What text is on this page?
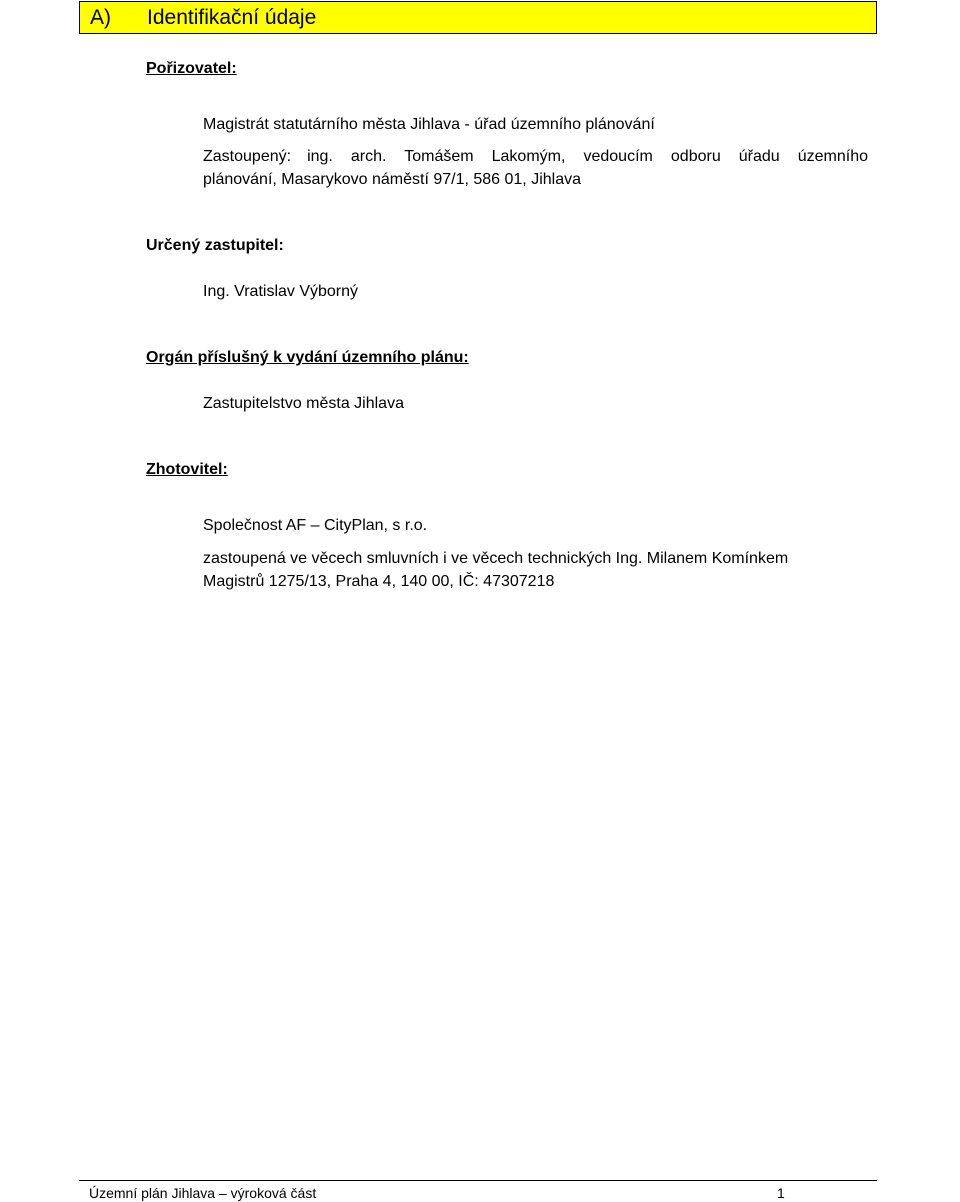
A) Identifikační údaje
Pořizovatel:
Magistrát statutárního města Jihlava - úřad územního plánování
Zastoupený: ing. arch. Tomášem Lakomým, vedoucím odboru úřadu územního
plánování, Masarykovo náměstí 97/1, 586 01, Jihlava
Určený zastupitel:
Ing. Vratislav Výborný
Orgán příslušný k vydání územního plánu:
Zastupitelstvo města Jihlava
Zhotovitel:
Společnost AF – CityPlan, s r.o.
zastoupená ve věcech smluvních i ve věcech technických Ing. Milanem Komínkem
Magistrů 1275/13, Praha 4, 140 00, IČ: 47307218
Územní plán Jihlava – výroková část	1
